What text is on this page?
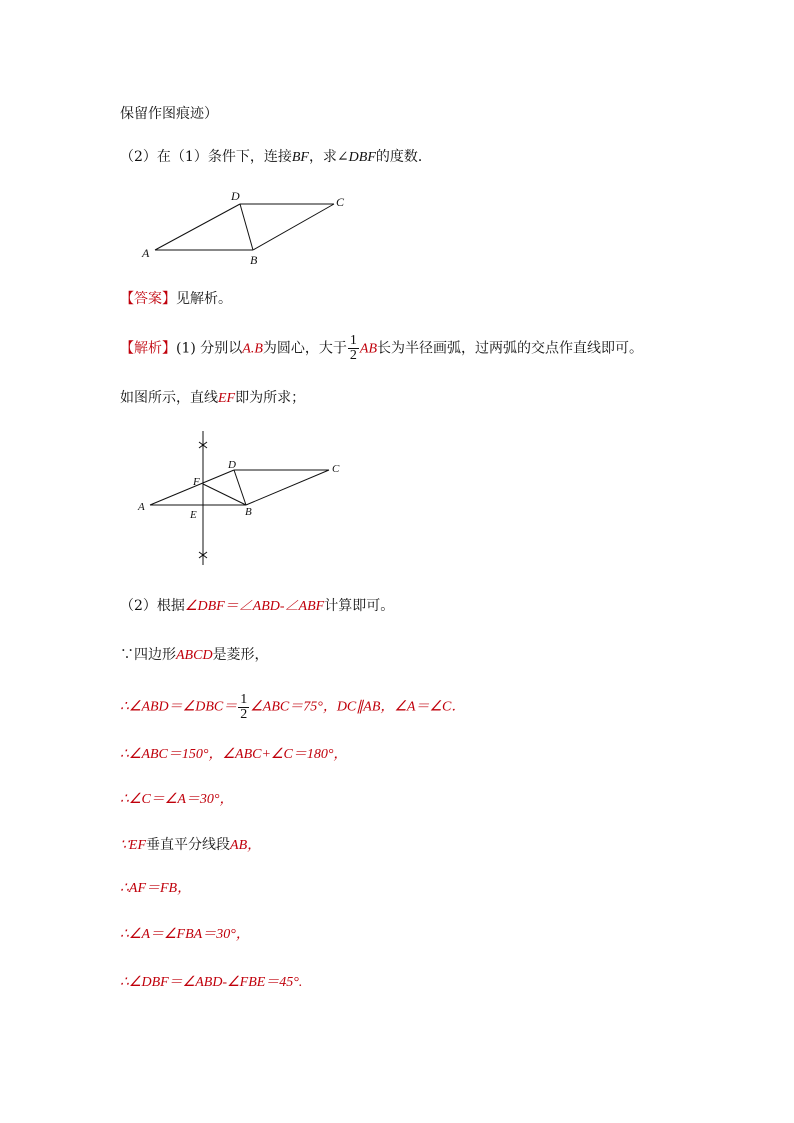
保留作图痕迹）
（2）在（1）条件下，连接BF，求∠DBF的度数．
A	B
C
D
【答案】见解析。
【解析】(1) 分别以A.B为圆心，大于 $\frac{1}{2}$ AB长为半径画弧，过两弧的交点作直线即可。
如图所示，直线EF即为所求；
A	B
C
D
E
F
（2）根据∠DBF＝∠ABD-∠ABF计算即可。
∵四边形ABCD是菱形，
∴∠ABD＝∠DBC＝ $\frac{1}{2}$ ∠ABC＝75°，DC∥AB，∠A＝∠C．
∴∠ABC＝150°，∠ABC+∠C＝180°，
∴∠C＝∠A＝30°，
∵EF垂直平分线段AB，
∴AF＝FB，
∴∠A＝∠FBA＝30°，
∴∠DBF＝∠ABD-∠FBE＝45°.
